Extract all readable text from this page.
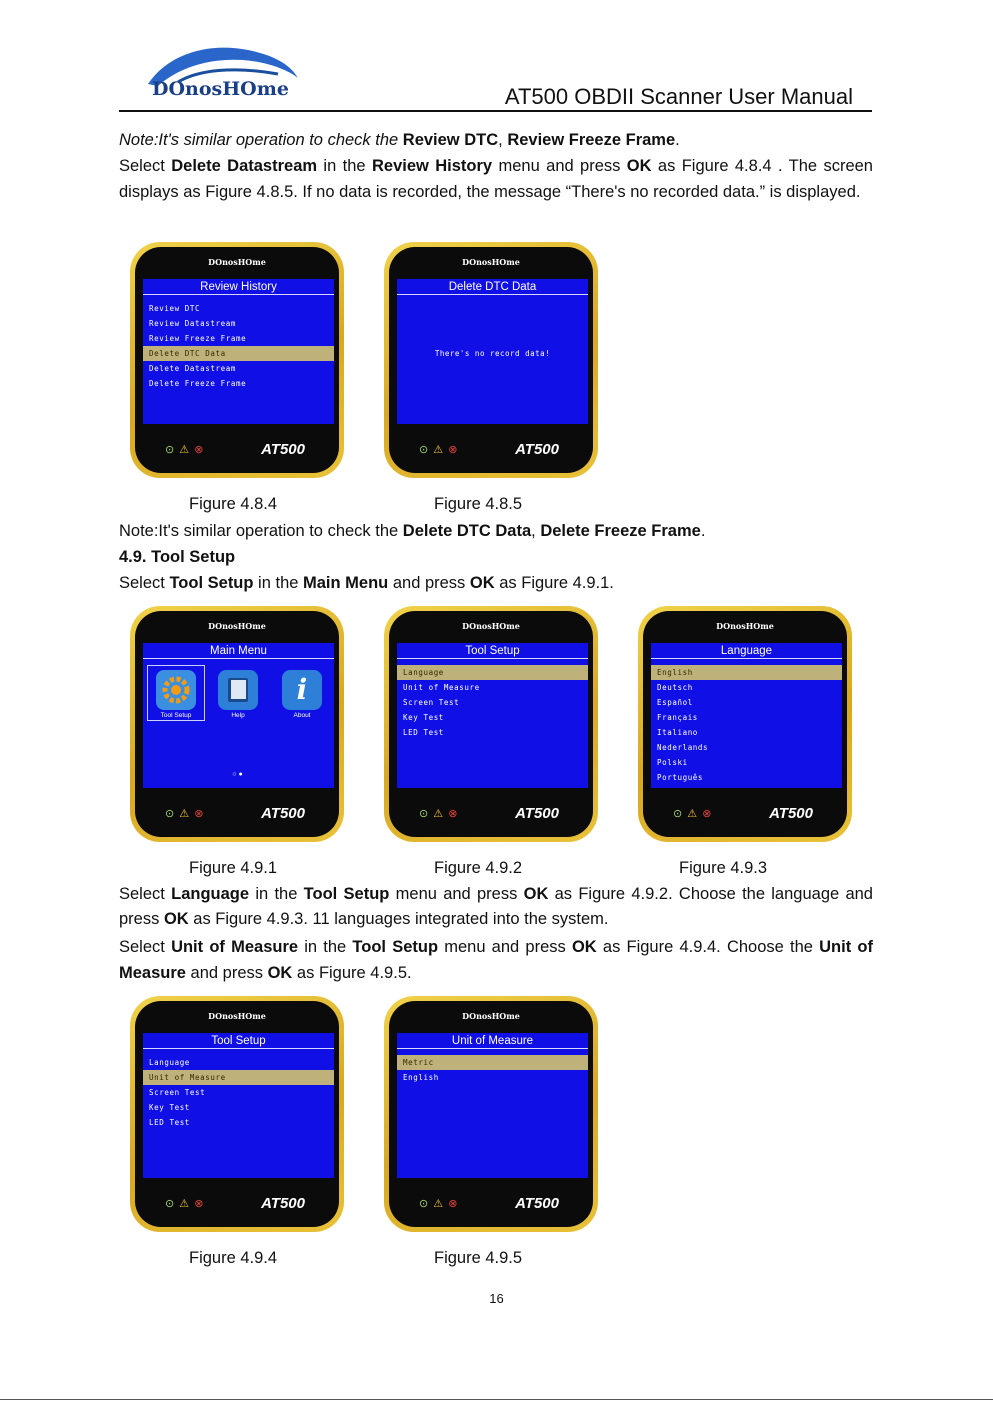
DOnosHOme	AT500 OBDII Scanner User Manual
Note:It's similar operation to check the Review DTC, Review Freeze Frame.
Select Delete Datastream in the Review History menu and press OK as Figure 4.8.4 . The screen displays as Figure 4.8.5. If no data is recorded, the message “There's no recorded data.” is displayed.
DOnosHOme
Review History
Review DTC
Review Datastream
Review Freeze Frame
Delete DTC Data
Delete Datastream
Delete Freeze Frame
⊙ ⚠ ⊗	AT500
DOnosHOme
Delete DTC Data
There's no record data!
⊙ ⚠ ⊗	AT500
Figure 4.8.4	Figure 4.8.5
Note:It's similar operation to check the Delete DTC Data, Delete Freeze Frame.
4.9. Tool Setup
Select Tool Setup in the Main Menu and press OK as Figure 4.9.1.
DOnosHOme
Main Menu
Tool Setup	Help
i
About
○●
⊙ ⚠ ⊗	AT500
DOnosHOme
Tool Setup
Language
Unit of Measure
Screen Test
Key Test
LED Test
⊙ ⚠ ⊗	AT500
DOnosHOme
Language
English
Deutsch
Español
Français
Italiano
Nederlands
Polski
Português
⊙ ⚠ ⊗	AT500
Figure 4.9.1	Figure 4.9.2	Figure 4.9.3
Select Language in the Tool Setup menu and press OK as Figure 4.9.2. Choose the language and press OK as Figure 4.9.3. 11 languages integrated into the system.
Select Unit of Measure in the Tool Setup menu and press OK as Figure 4.9.4. Choose the Unit of Measure and press OK as Figure 4.9.5.
DOnosHOme
Tool Setup
Language
Unit of Measure
Screen Test
Key Test
LED Test
⊙ ⚠ ⊗	AT500
DOnosHOme
Unit of Measure
Metric
English
⊙ ⚠ ⊗	AT500
Figure 4.9.4	Figure 4.9.5
16
